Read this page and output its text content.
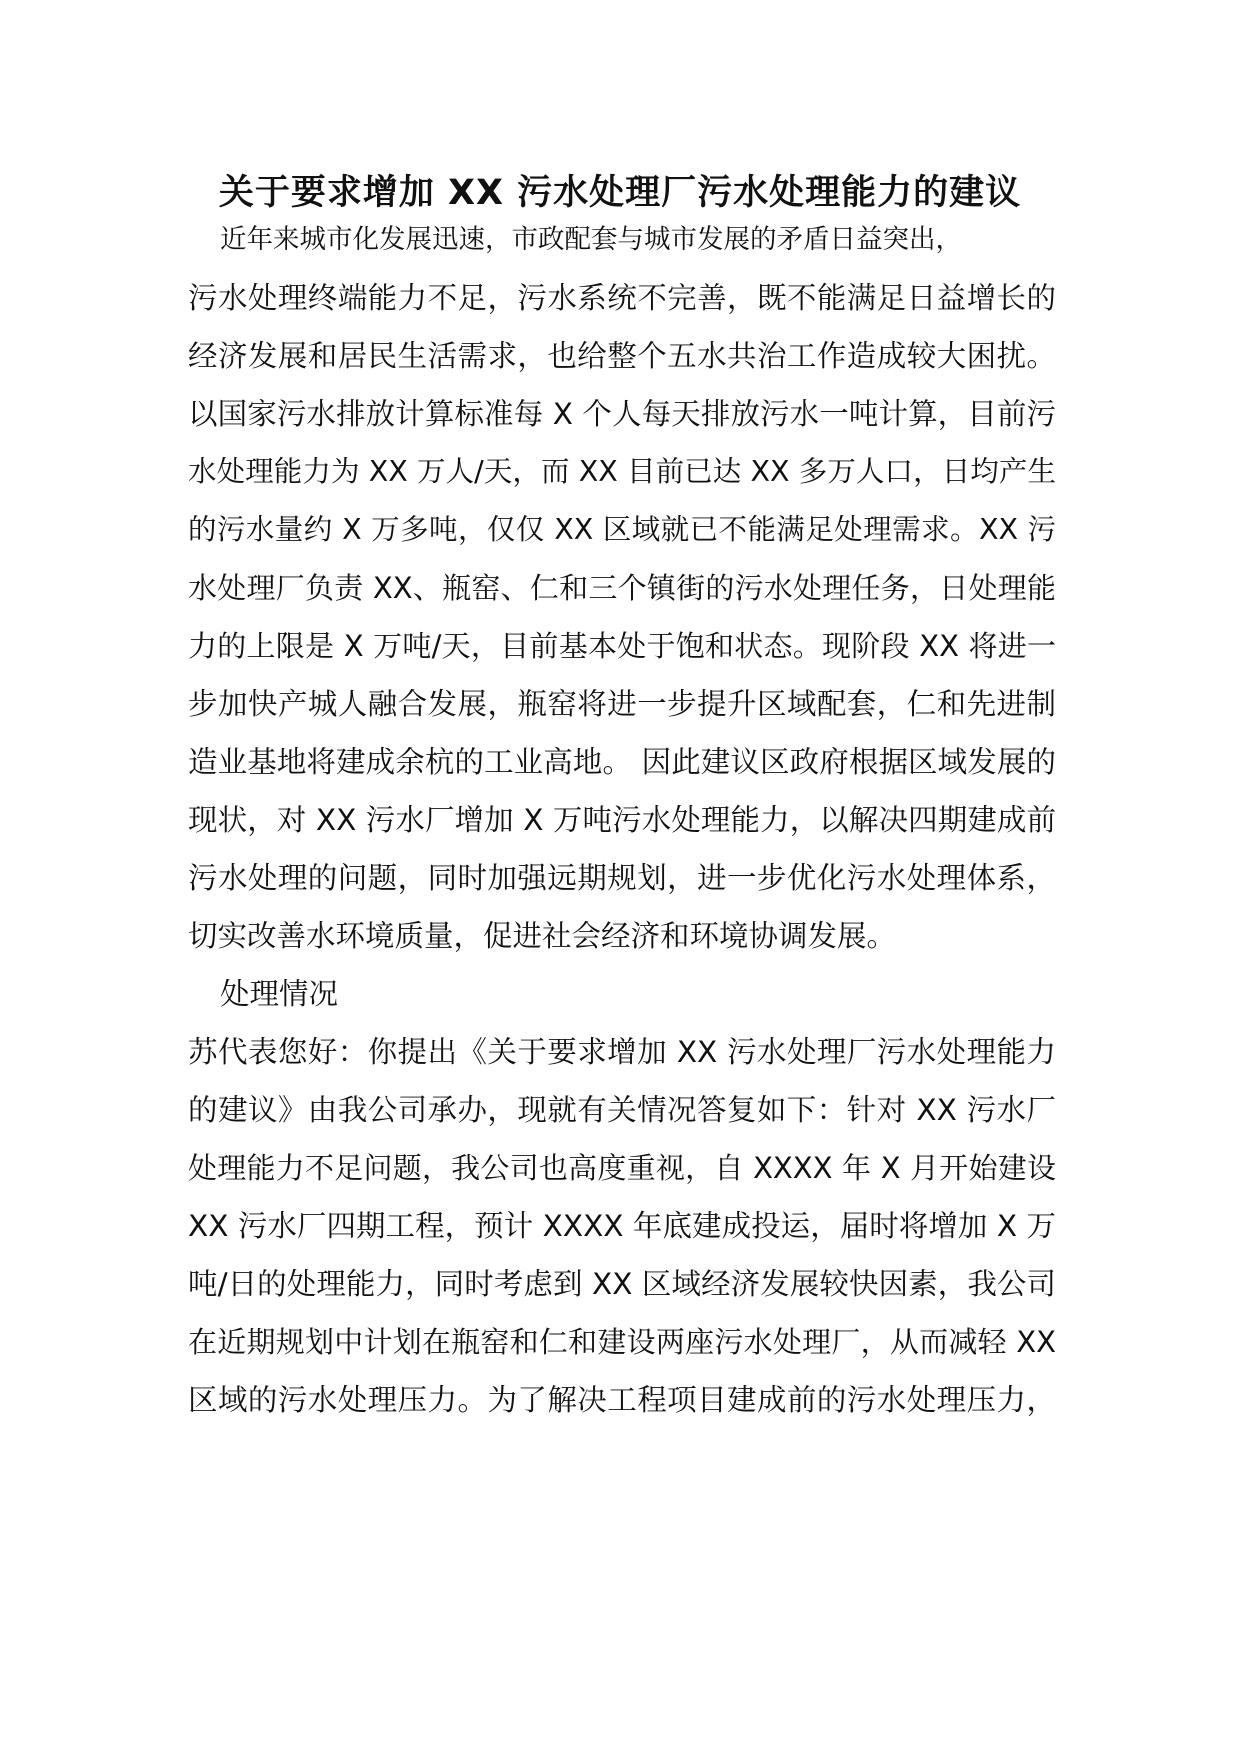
关于要求增加 XX 污水处理厂污水处理能力的建议
近年来城市化发展迅速，市政配套与城市发展的矛盾日益突出，
污水处理终端能力不足，污水系统不完善，既不能满足日益增长的
经济发展和居民生活需求，也给整个五水共治工作造成较大困扰。
以国家污水排放计算标准每 X 个人每天排放污水一吨计算，目前污
水处理能力为 XX 万人/天，而 XX 目前已达 XX 多万人口，日均产生
的污水量约 X 万多吨，仅仅 XX 区域就已不能满足处理需求。XX 污
水处理厂负责 XX、瓶窑、仁和三个镇街的污水处理任务，日处理能
力的上限是 X 万吨/天，目前基本处于饱和状态。现阶段 XX 将进一
步加快产城人融合发展，瓶窑将进一步提升区域配套，仁和先进制
造业基地将建成余杭的工业高地。 因此建议区政府根据区域发展的
现状，对 XX 污水厂增加 X 万吨污水处理能力，以解决四期建成前
污水处理的问题，同时加强远期规划，进一步优化污水处理体系，
切实改善水环境质量，促进社会经济和环境协调发展。
处理情况
苏代表您好：你提出《关于要求增加 XX 污水处理厂污水处理能力
的建议》由我公司承办，现就有关情况答复如下：针对 XX 污水厂
处理能力不足问题，我公司也高度重视，自 XXXX 年 X 月开始建设
XX 污水厂四期工程，预计 XXXX 年底建成投运，届时将增加 X 万
吨/日的处理能力，同时考虑到 XX 区域经济发展较快因素，我公司
在近期规划中计划在瓶窑和仁和建设两座污水处理厂，从而减轻 XX
区域的污水处理压力。为了解决工程项目建成前的污水处理压力，
